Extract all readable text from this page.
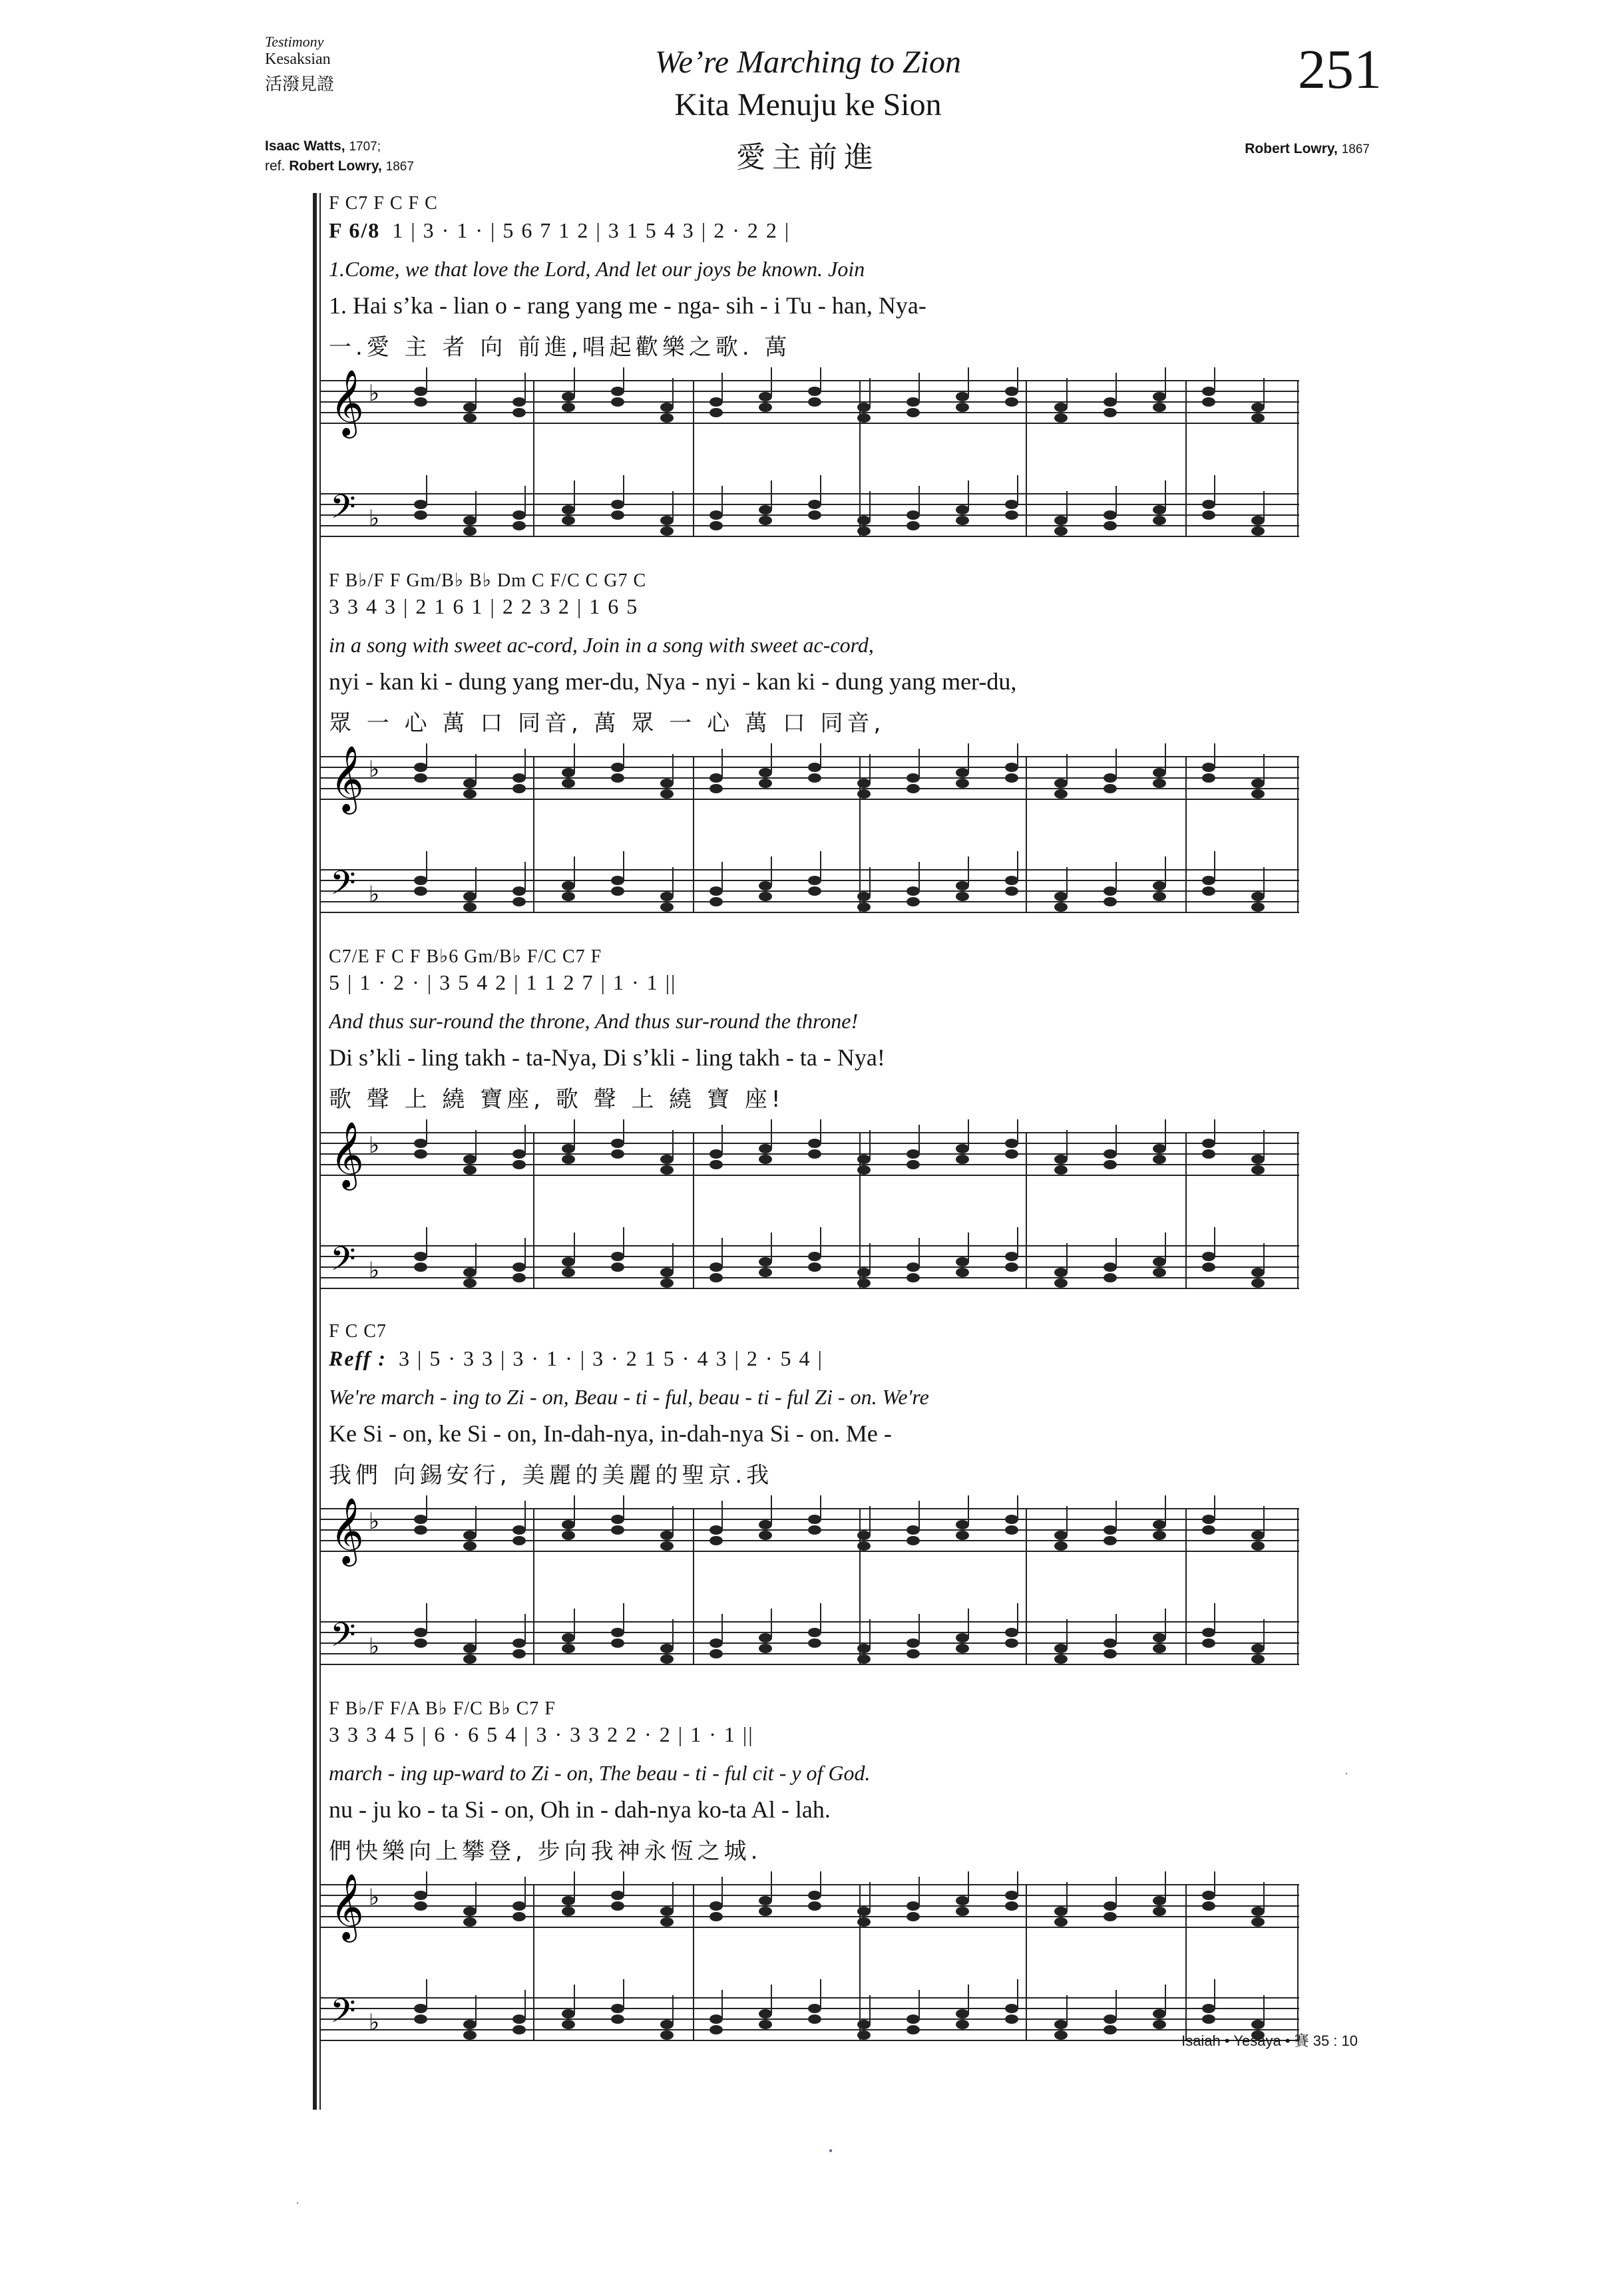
Testimony
Kesaksian
活潑見證
We’re Marching to Zion
Kita Menuju ke Sion
愛主前進
251
Isaac Watts, 1707;
ref. Robert Lowry, 1867
Robert Lowry, 1867
F C7 F C F C
F 6/8 1 | 3 · 1 · | 5 6 7 1 2 | 3 1 5 4 3 | 2 · 2 2 |
1.Come, we that love the Lord, And let our joys be known. Join
1. Hai s’ka - lian o - rang yang me - nga- sih - i Tu - han, Nya-
一.愛 主 者 向 前進,唱起歡樂之歌. 萬
𝄞 ♭
𝄢 ♭
F B♭/F F Gm/B♭ B♭ Dm C F/C C G7 C
3 3 4 3 | 2 1 6 1 | 2 2 3 2 | 1 6 5
in a song with sweet ac-cord, Join in a song with sweet ac-cord,
nyi - kan ki - dung yang mer-du, Nya - nyi - kan ki - dung yang mer-du,
眾 一 心 萬 口 同音, 萬 眾 一 心 萬 口 同音,
𝄞 ♭
𝄢 ♭
C7/E F C F B♭6 Gm/B♭ F/C C7 F
5 | 1 · 2 · | 3 5 4 2 | 1 1 2 7 | 1 · 1 ||
And thus sur-round the throne, And thus sur-round the throne!
Di s’kli - ling takh - ta-Nya, Di s’kli - ling takh - ta - Nya!
歌 聲 上 繞 寶座, 歌 聲 上 繞 寶 座!
𝄞 ♭
𝄢 ♭
F C C7
Reff : 3 | 5 · 3 3 | 3 · 1 · | 3 · 2 1 5 · 4 3 | 2 · 5 4 |
We're march - ing to Zi - on, Beau - ti - ful, beau - ti - ful Zi - on. We're
Ke Si - on, ke Si - on, In-dah-nya, in-dah-nya Si - on. Me -
我們 向錫安行, 美麗的美麗的聖京.我
𝄞 ♭
𝄢 ♭
F B♭/F F/A B♭ F/C B♭ C7 F
3 3 3 4 5 | 6 · 6 5 4 | 3 · 3 3 2 2 · 2 | 1 · 1 ||
march - ing up-ward to Zi - on, The beau - ti - ful cit - y of God.
nu - ju ko - ta Si - on, Oh in - dah-nya ko-ta Al - lah.
們快樂向上攀登, 步向我神永恆之城.
𝄞 ♭
𝄢 ♭
Isaiah • Yesaya • 賽 35 : 10
•
·
·
